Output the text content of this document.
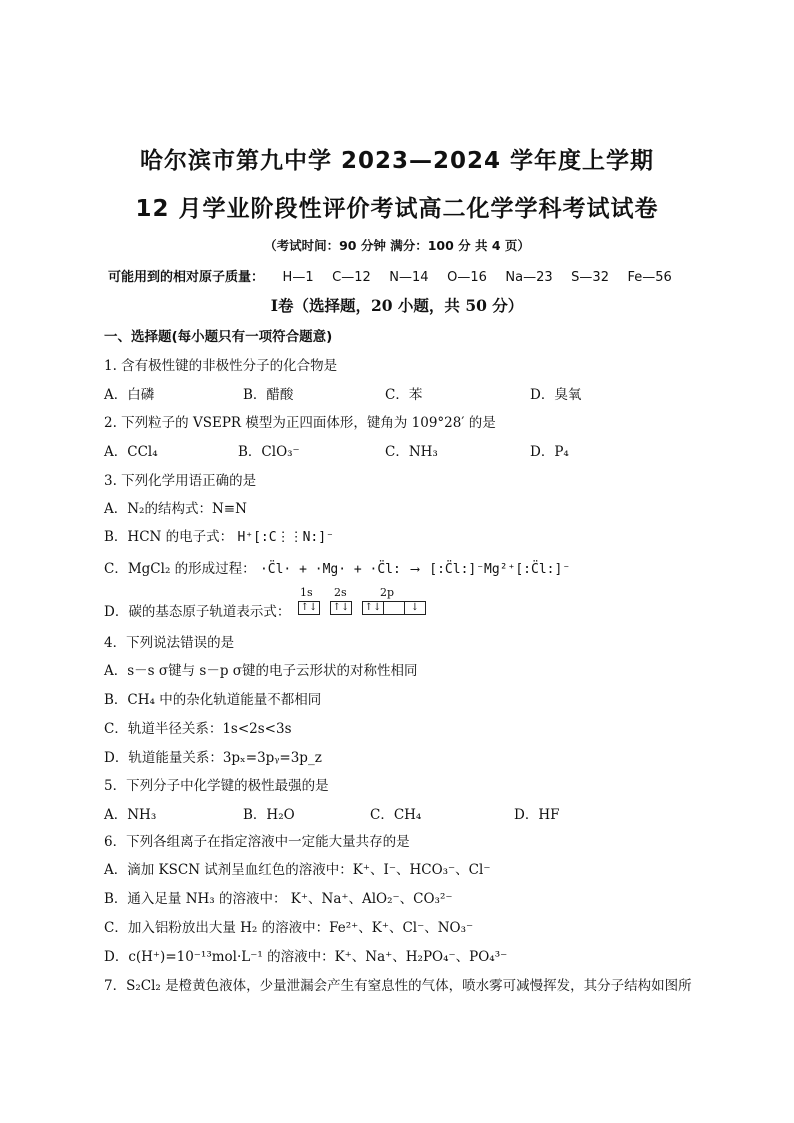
哈尔滨市第九中学 2023—2024 学年度上学期
12 月学业阶段性评价考试高二化学学科考试试卷
（考试时间：90 分钟 满分：100 分 共 4 页）
可能用到的相对原子质量： H—1 C—12 N—14 O—16 Na—23 S—32 Fe—56
Ⅰ卷（选择题，20 小题，共 50 分）
一、选择题(每小题只有一项符合题意)
1. 含有极性键的非极性分子的化合物是
A．白磷	B．醋酸	C．苯	D．臭氧
2. 下列粒子的 VSEPR 模型为正四面体形，键角为 109°28′ 的是
A．CCl₄	B．ClO₃⁻	C．NH₃	D．P₄
3. 下列化学用语正确的是
A．N₂的结构式：N≡N
B．HCN 的电子式： H⁺[:C⋮⋮N:]⁻
C．MgCl₂ 的形成过程： ·C̈l· + ·Mg· + ·C̈l: ⟶ [:C̈l:]⁻Mg²⁺[:C̈l:]⁻
D．碳的基态原子轨道表示式：
1s 2s	2p
↑↓ ↑↓ ↑↓	↓
4．下列说法错误的是
A．s－s σ键与 s－p σ键的电子云形状的对称性相同
B．CH₄ 中的杂化轨道能量不都相同
C．轨道半径关系：1s<2s<3s
D．轨道能量关系：3pₓ=3pᵧ=3p_z
5．下列分子中化学键的极性最强的是
A．NH₃	B．H₂O	C．CH₄	D．HF
6．下列各组离子在指定溶液中一定能大量共存的是
A．滴加 KSCN 试剂呈血红色的溶液中：K⁺、I⁻、HCO₃⁻、Cl⁻
B．通入足量 NH₃ 的溶液中： K⁺、Na⁺、AlO₂⁻、CO₃²⁻
C．加入铝粉放出大量 H₂ 的溶液中：Fe²⁺、K⁺、Cl⁻、NO₃⁻
D．c(H⁺)=10⁻¹³mol·L⁻¹ 的溶液中：K⁺、Na⁺、H₂PO₄⁻、PO₄³⁻
7．S₂Cl₂ 是橙黄色液体，少量泄漏会产生有窒息性的气体，喷水雾可减慢挥发，其分子结构如图所
